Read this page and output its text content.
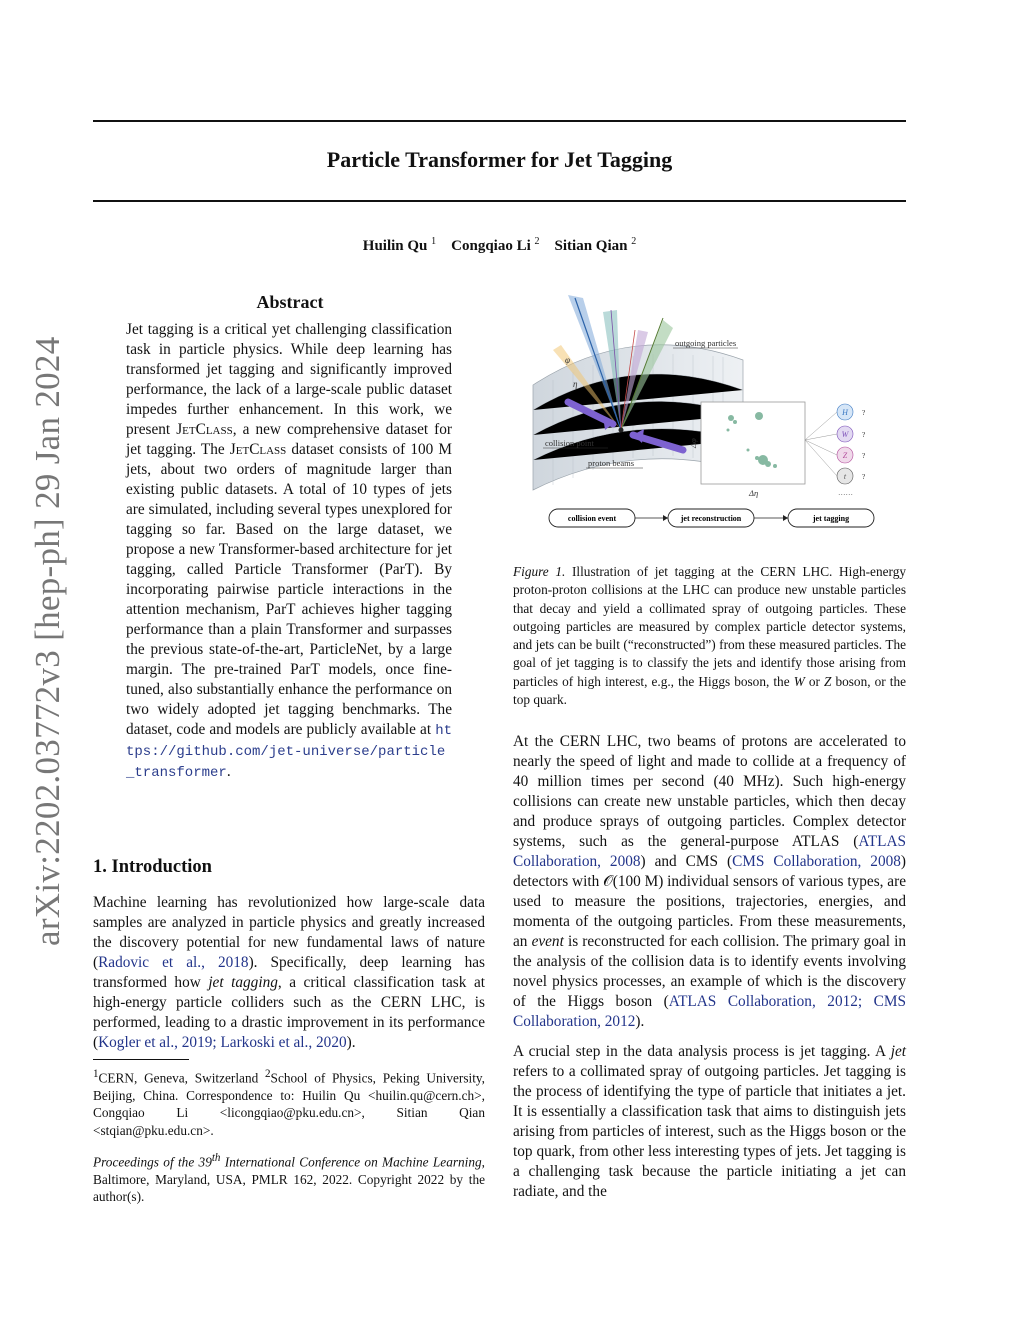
arXiv:2202.03772v3 [hep-ph] 29 Jan 2024
Particle Transformer for Jet Tagging
Huilin Qu $^1$ Congqiao Li $^2$ Sitian Qian $^2$
Abstract
Jet tagging is a critical yet challenging classification task in particle physics. While deep learning has transformed jet tagging and significantly improved performance, the lack of a large-scale public dataset impedes further enhancement. In this work, we present JetClass, a new comprehensive dataset for jet tagging. The JetClass dataset consists of 100 M jets, about two orders of magnitude larger than existing public datasets. A total of 10 types of jets are simulated, including several types unexplored for tagging so far. Based on the large dataset, we propose a new Transformer-based architecture for jet tagging, called Particle Transformer (ParT). By incorporating pairwise particle interactions in the attention mechanism, ParT achieves higher tagging performance than a plain Transformer and surpasses the previous state-of-the-art, ParticleNet, by a large margin. The pre-trained ParT models, once fine-tuned, also substantially enhance the performance on two widely adopted jet tagging benchmarks. The dataset, code and models are publicly available at https://github.com/jet-universe/particle_transformer.
1. Introduction
Machine learning has revolutionized how large-scale data samples are analyzed in particle physics and greatly increased the discovery potential for new fundamental laws of nature (Radovic et al., 2018). Specifically, deep learning has transformed how jet tagging, a critical classification task at high-energy particle colliders such as the CERN LHC, is performed, leading to a drastic improvement in its performance (Kogler et al., 2019; Larkoski et al., 2020).
$^1$CERN, Geneva, Switzerland $^2$School of Physics, Peking University, Beijing, China. Correspondence to: Huilin Qu <huilin.qu@cern.ch>, Congqiao Li <licongqiao@pku.edu.cn>, Sitian Qian <stqian@pku.edu.cn>.
Proceedings of the 39th International Conference on Machine Learning, Baltimore, Maryland, USA, PMLR 162, 2022. Copyright 2022 by the author(s).
outgoing particles
collision point
proton beams
φ
η
Δφ
Δη
H ?
W ?
Z ?
t ?
……
collision event	jet reconstruction	jet tagging
Figure 1. Illustration of jet tagging at the CERN LHC. High-energy proton-proton collisions at the LHC can produce new unstable particles that decay and yield a collimated spray of outgoing particles. These outgoing particles are measured by complex particle detector systems, and jets can be built (“reconstructed”) from these measured particles. The goal of jet tagging is to classify the jets and identify those arising from particles of high interest, e.g., the Higgs boson, the W or Z boson, or the top quark.
At the CERN LHC, two beams of protons are accelerated to nearly the speed of light and made to collide at a frequency of 40 million times per second (40 MHz). Such high-energy collisions can create new unstable particles, which then decay and produce sprays of outgoing particles. Complex detector systems, such as the general-purpose ATLAS (ATLAS Collaboration, 2008) and CMS (CMS Collaboration, 2008) detectors with 𝒪(100 M) individual sensors of various types, are used to measure the positions, trajectories, energies, and momenta of the outgoing particles. From these measurements, an event is reconstructed for each collision. The primary goal in the analysis of the collision data is to identify events involving novel physics processes, an example of which is the discovery of the Higgs boson (ATLAS Collaboration, 2012; CMS Collaboration, 2012).
A crucial step in the data analysis process is jet tagging. A jet refers to a collimated spray of outgoing particles. Jet tagging is the process of identifying the type of particle that initiates a jet. It is essentially a classification task that aims to distinguish jets arising from particles of interest, such as the Higgs boson or the top quark, from other less interesting types of jets. Jet tagging is a challenging task because the particle initiating a jet can radiate, and the
